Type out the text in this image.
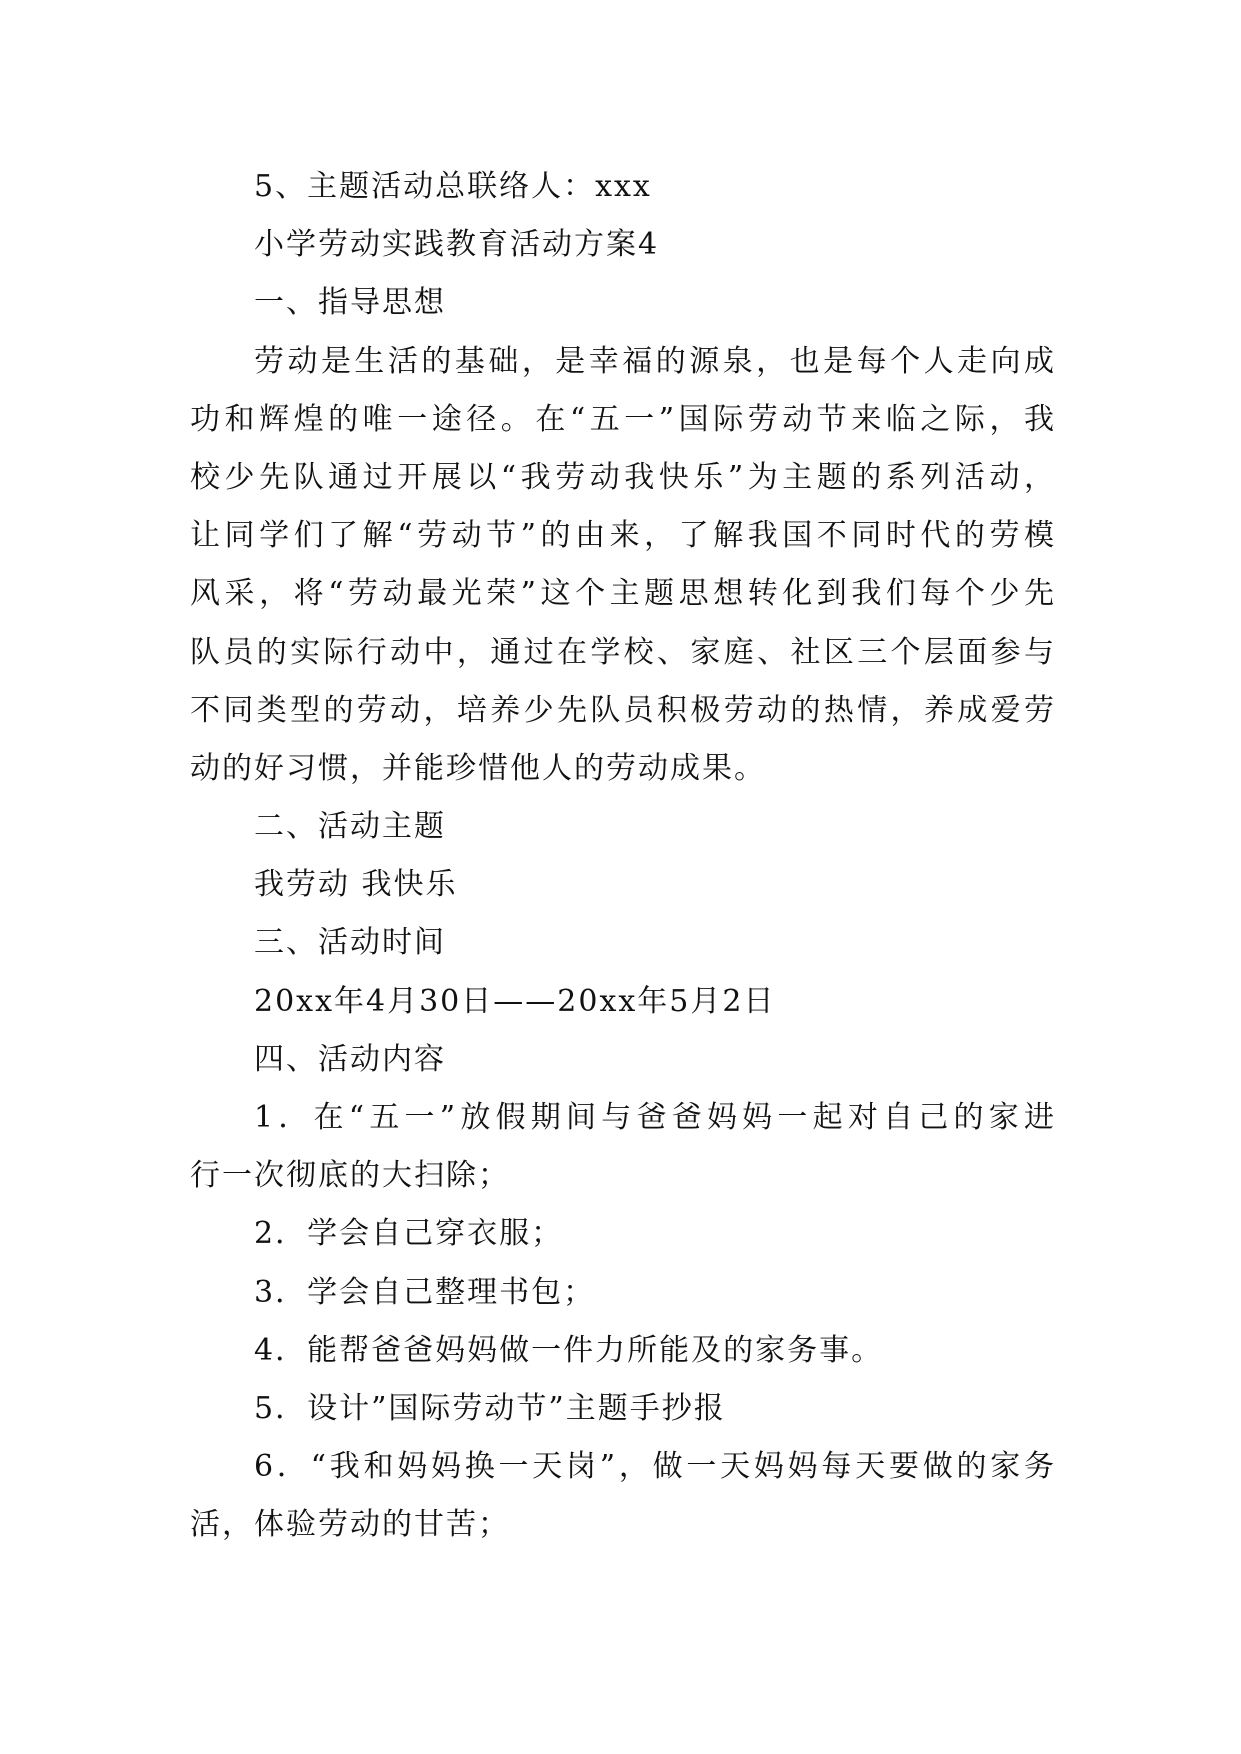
5、主题活动总联络人：xxx
小学劳动实践教育活动方案4
一、指导思想
劳动是生活的基础，是幸福的源泉，也是每个人走向成
功和辉煌的唯一途径。在“五一”国际劳动节来临之际，我
校少先队通过开展以“我劳动我快乐”为主题的系列活动，
让同学们了解“劳动节”的由来，了解我国不同时代的劳模
风采，将“劳动最光荣”这个主题思想转化到我们每个少先
队员的实际行动中，通过在学校、家庭、社区三个层面参与
不同类型的劳动，培养少先队员积极劳动的热情，养成爱劳
动的好习惯，并能珍惜他人的劳动成果。
二、活动主题
我劳动 我快乐
三、活动时间
20xx年4月30日——20xx年5月2日
四、活动内容
1．在“五一”放假期间与爸爸妈妈一起对自己的家进
行一次彻底的大扫除；
2．学会自己穿衣服；
3．学会自己整理书包；
4．能帮爸爸妈妈做一件力所能及的家务事。
5．设计”国际劳动节”主题手抄报
6．“我和妈妈换一天岗”，做一天妈妈每天要做的家务
活，体验劳动的甘苦；
